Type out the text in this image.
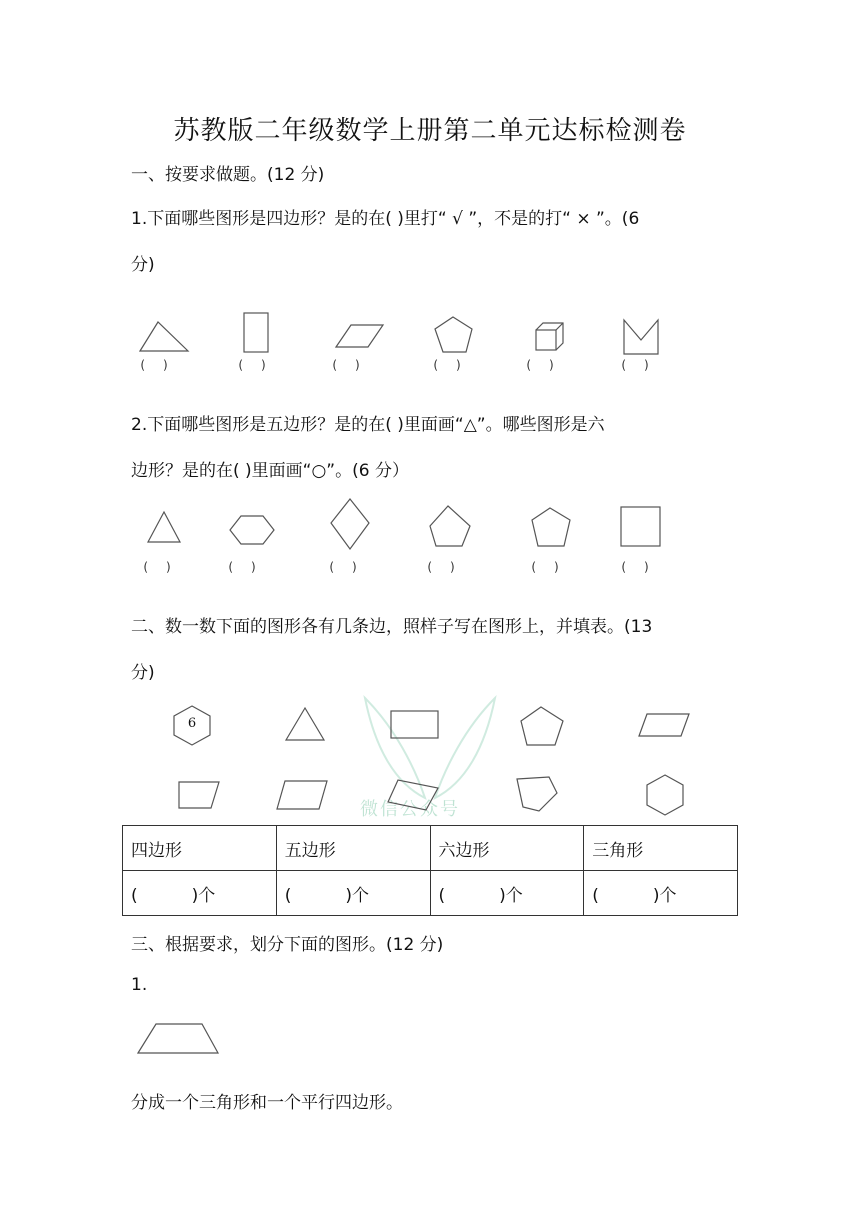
苏教版二年级数学上册第二单元达标检测卷
一、按要求做题。(12 分)
1.下面哪些图形是四边形？是的在( )里打“ √ ”，不是的打“ × ”。(6
分)
()	()	()	()	()	()
2.下面哪些图形是五边形？是的在( )里面画“△”。哪些图形是六
边形？是的在( )里面画“○”。(6 分）
()	()	()	()	()	()
二、数一数下面的图形各有几条边，照样子写在图形上，并填表。(13
分)
微信公众号
6
四边形	五边形	六边形	三角形
(          )个	(          )个	(          )个	(          )个
三、根据要求，划分下面的图形。(12 分)
1.
分成一个三角形和一个平行四边形。
